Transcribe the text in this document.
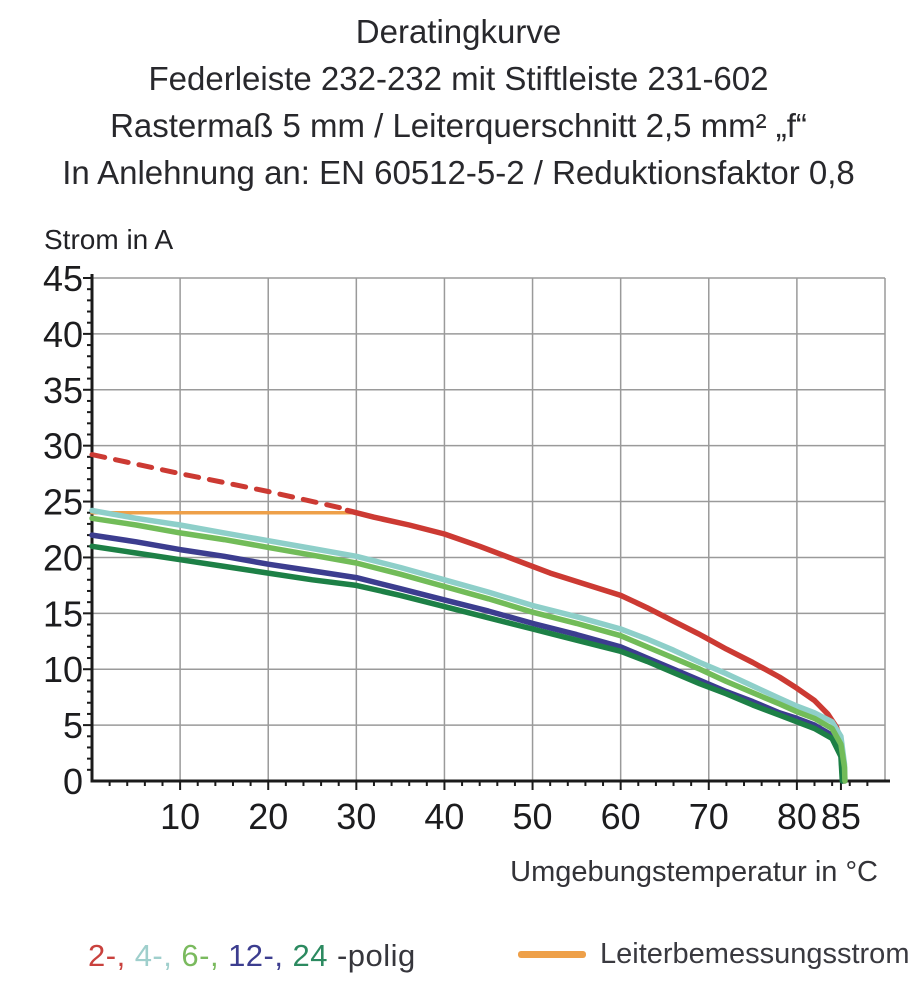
Deratingkurve
Federleiste 232-232 mit Stiftleiste 231-602
Rastermaß 5 mm / Leiterquerschnitt 2,5 mm² „f“
In Anlehnung an: EN 60512-5-2 / Reduktionsfaktor 0,8
Strom in A
10 20 30 40 50 60 70 80 85
0
5
10
15
20
25
30
35
40
45
Umgebungstemperatur in °C
2-, 4-, 6-, 12-, 24 -polig	Leiterbemessungsstrom
